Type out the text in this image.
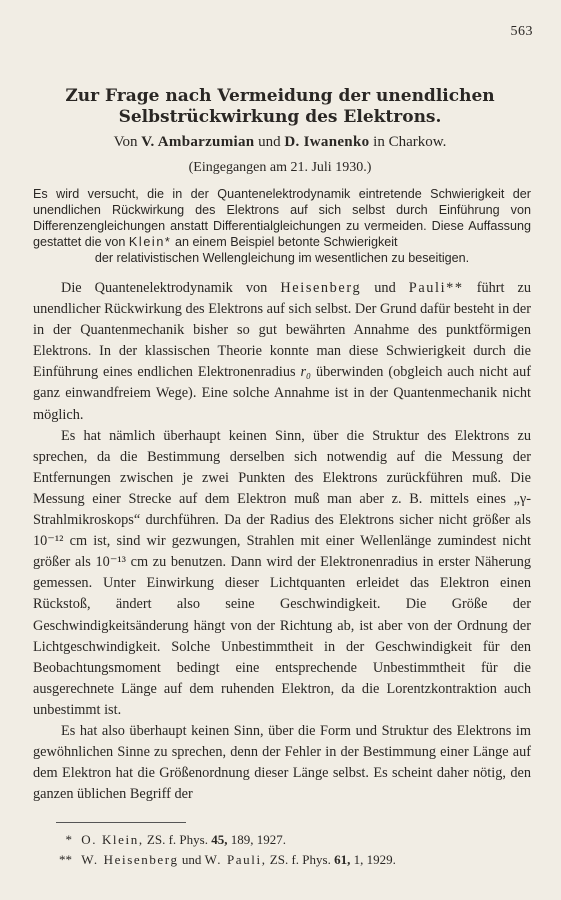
563
Zur Frage nach Vermeidung der unendlichen Selbstrückwirkung des Elektrons.
Von V. Ambarzumian und D. Iwanenko in Charkow.
(Eingegangen am 21. Juli 1930.)
Es wird versucht, die in der Quantenelektrodynamik eintretende Schwierigkeit der unendlichen Rückwirkung des Elektrons auf sich selbst durch Einführung von Differenzengleichungen anstatt Differentialgleichungen zu vermeiden. Diese Auffassung gestattet die von Klein* an einem Beispiel betonte Schwierigkeit
der relativistischen Wellengleichung im wesentlichen zu beseitigen.

Die Quantenelektrodynamik von Heisenberg und Pauli** führt zu unendlicher Rückwirkung des Elektrons auf sich selbst. Der Grund dafür besteht in der in der Quantenmechanik bisher so gut bewährten Annahme des punktförmigen Elektrons. In der klassischen Theorie konnte man diese Schwierigkeit durch die Einführung eines endlichen Elektronenradius r₀ überwinden (obgleich auch nicht auf ganz einwandfreiem Wege). Eine solche Annahme ist in der Quantenmechanik nicht möglich.

Es hat nämlich überhaupt keinen Sinn, über die Struktur des Elektrons zu sprechen, da die Bestimmung derselben sich notwendig auf die Messung der Entfernungen zwischen je zwei Punkten des Elektrons zurückführen muß. Die Messung einer Strecke auf dem Elektron muß man aber z. B. mittels eines „γ-Strahlmikroskops“ durchführen. Da der Radius des Elektrons sicher nicht größer als 10⁻¹² cm ist, sind wir gezwungen, Strahlen mit einer Wellenlänge zumindest nicht größer als 10⁻¹³ cm zu benutzen. Dann wird der Elektronenradius in erster Näherung gemessen. Unter Einwirkung dieser Lichtquanten erleidet das Elektron einen Rückstoß, ändert also seine Geschwindigkeit. Die Größe der Geschwindigkeitsänderung hängt von der Richtung ab, ist aber von der Ordnung der Lichtgeschwindigkeit. Solche Unbestimmtheit in der Geschwindigkeit für den Beobachtungsmoment bedingt eine entsprechende Unbestimmtheit für die ausgerechnete Länge auf dem ruhenden Elektron, da die Lorentzkontraktion auch unbestimmt ist.

Es hat also überhaupt keinen Sinn, über die Form und Struktur des Elektrons im gewöhnlichen Sinne zu sprechen, denn der Fehler in der Bestimmung einer Länge auf dem Elektron hat die Größenordnung dieser Länge selbst. Es scheint daher nötig, den ganzen üblichen Begriff der

* O. Klein, ZS. f. Phys. 45, 189, 1927.
** W. Heisenberg und W. Pauli, ZS. f. Phys. 61, 1, 1929.
